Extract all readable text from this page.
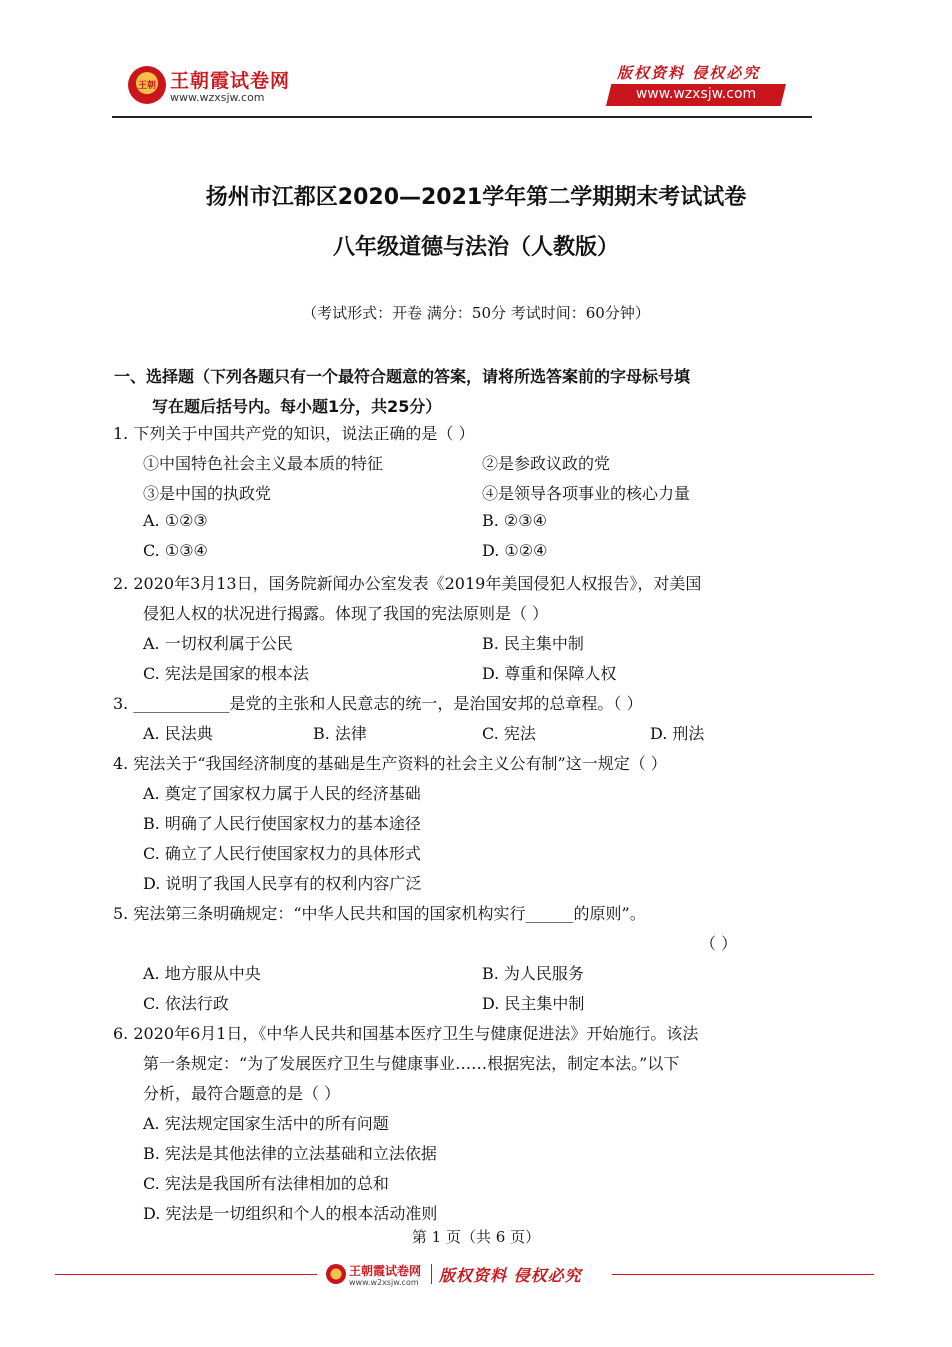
王朝 王朝霞试卷网
www.wzxsjw.com
版权资料 侵权必究
www.wzxsjw.com
扬州市江都区2020—2021学年第二学期期末考试试卷
八年级道德与法治（人教版）
（考试形式：开卷 满分：50分 考试时间：60分钟）
一、选择题（下列各题只有一个最符合题意的答案，请将所选答案前的字母标号填
写在题后括号内。每小题1分，共25分）
1. 下列关于中国共产党的知识，说法正确的是（ ）
①中国特色社会主义最本质的特征	②是参政议政的党
③是中国的执政党	④是领导各项事业的核心力量
A. ①②③	B. ②③④
C. ①③④	D. ①②④
2. 2020年3月13日，国务院新闻办公室发表《2019年美国侵犯人权报告》，对美国
侵犯人权的状况进行揭露。体现了我国的宪法原则是（ ）
A. 一切权利属于公民	B. 民主集中制
C. 宪法是国家的根本法	D. 尊重和保障人权
3. ____________是党的主张和人民意志的统一，是治国安邦的总章程。（ ）
A. 民法典	B. 法律	C. 宪法	D. 刑法
4. 宪法关于“我国经济制度的基础是生产资料的社会主义公有制”这一规定（ ）
A. 奠定了国家权力属于人民的经济基础
B. 明确了人民行使国家权力的基本途径
C. 确立了人民行使国家权力的具体形式
D. 说明了我国人民享有的权利内容广泛
5. 宪法第三条明确规定：“中华人民共和国的国家机构实行______的原则”。
（ ）
A. 地方服从中央	B. 为人民服务
C. 依法行政	D. 民主集中制
6. 2020年6月1日，《中华人民共和国基本医疗卫生与健康促进法》开始施行。该法
第一条规定：“为了发展医疗卫生与健康事业……根据宪法，制定本法。”以下
分析，最符合题意的是（ ）
A. 宪法规定国家生活中的所有问题
B. 宪法是其他法律的立法基础和立法依据
C. 宪法是我国所有法律相加的总和
D. 宪法是一切组织和个人的根本活动准则
第 1 页（共 6 页）
王朝霞试卷网
www.w2xsjw.com 版权资料 侵权必究
